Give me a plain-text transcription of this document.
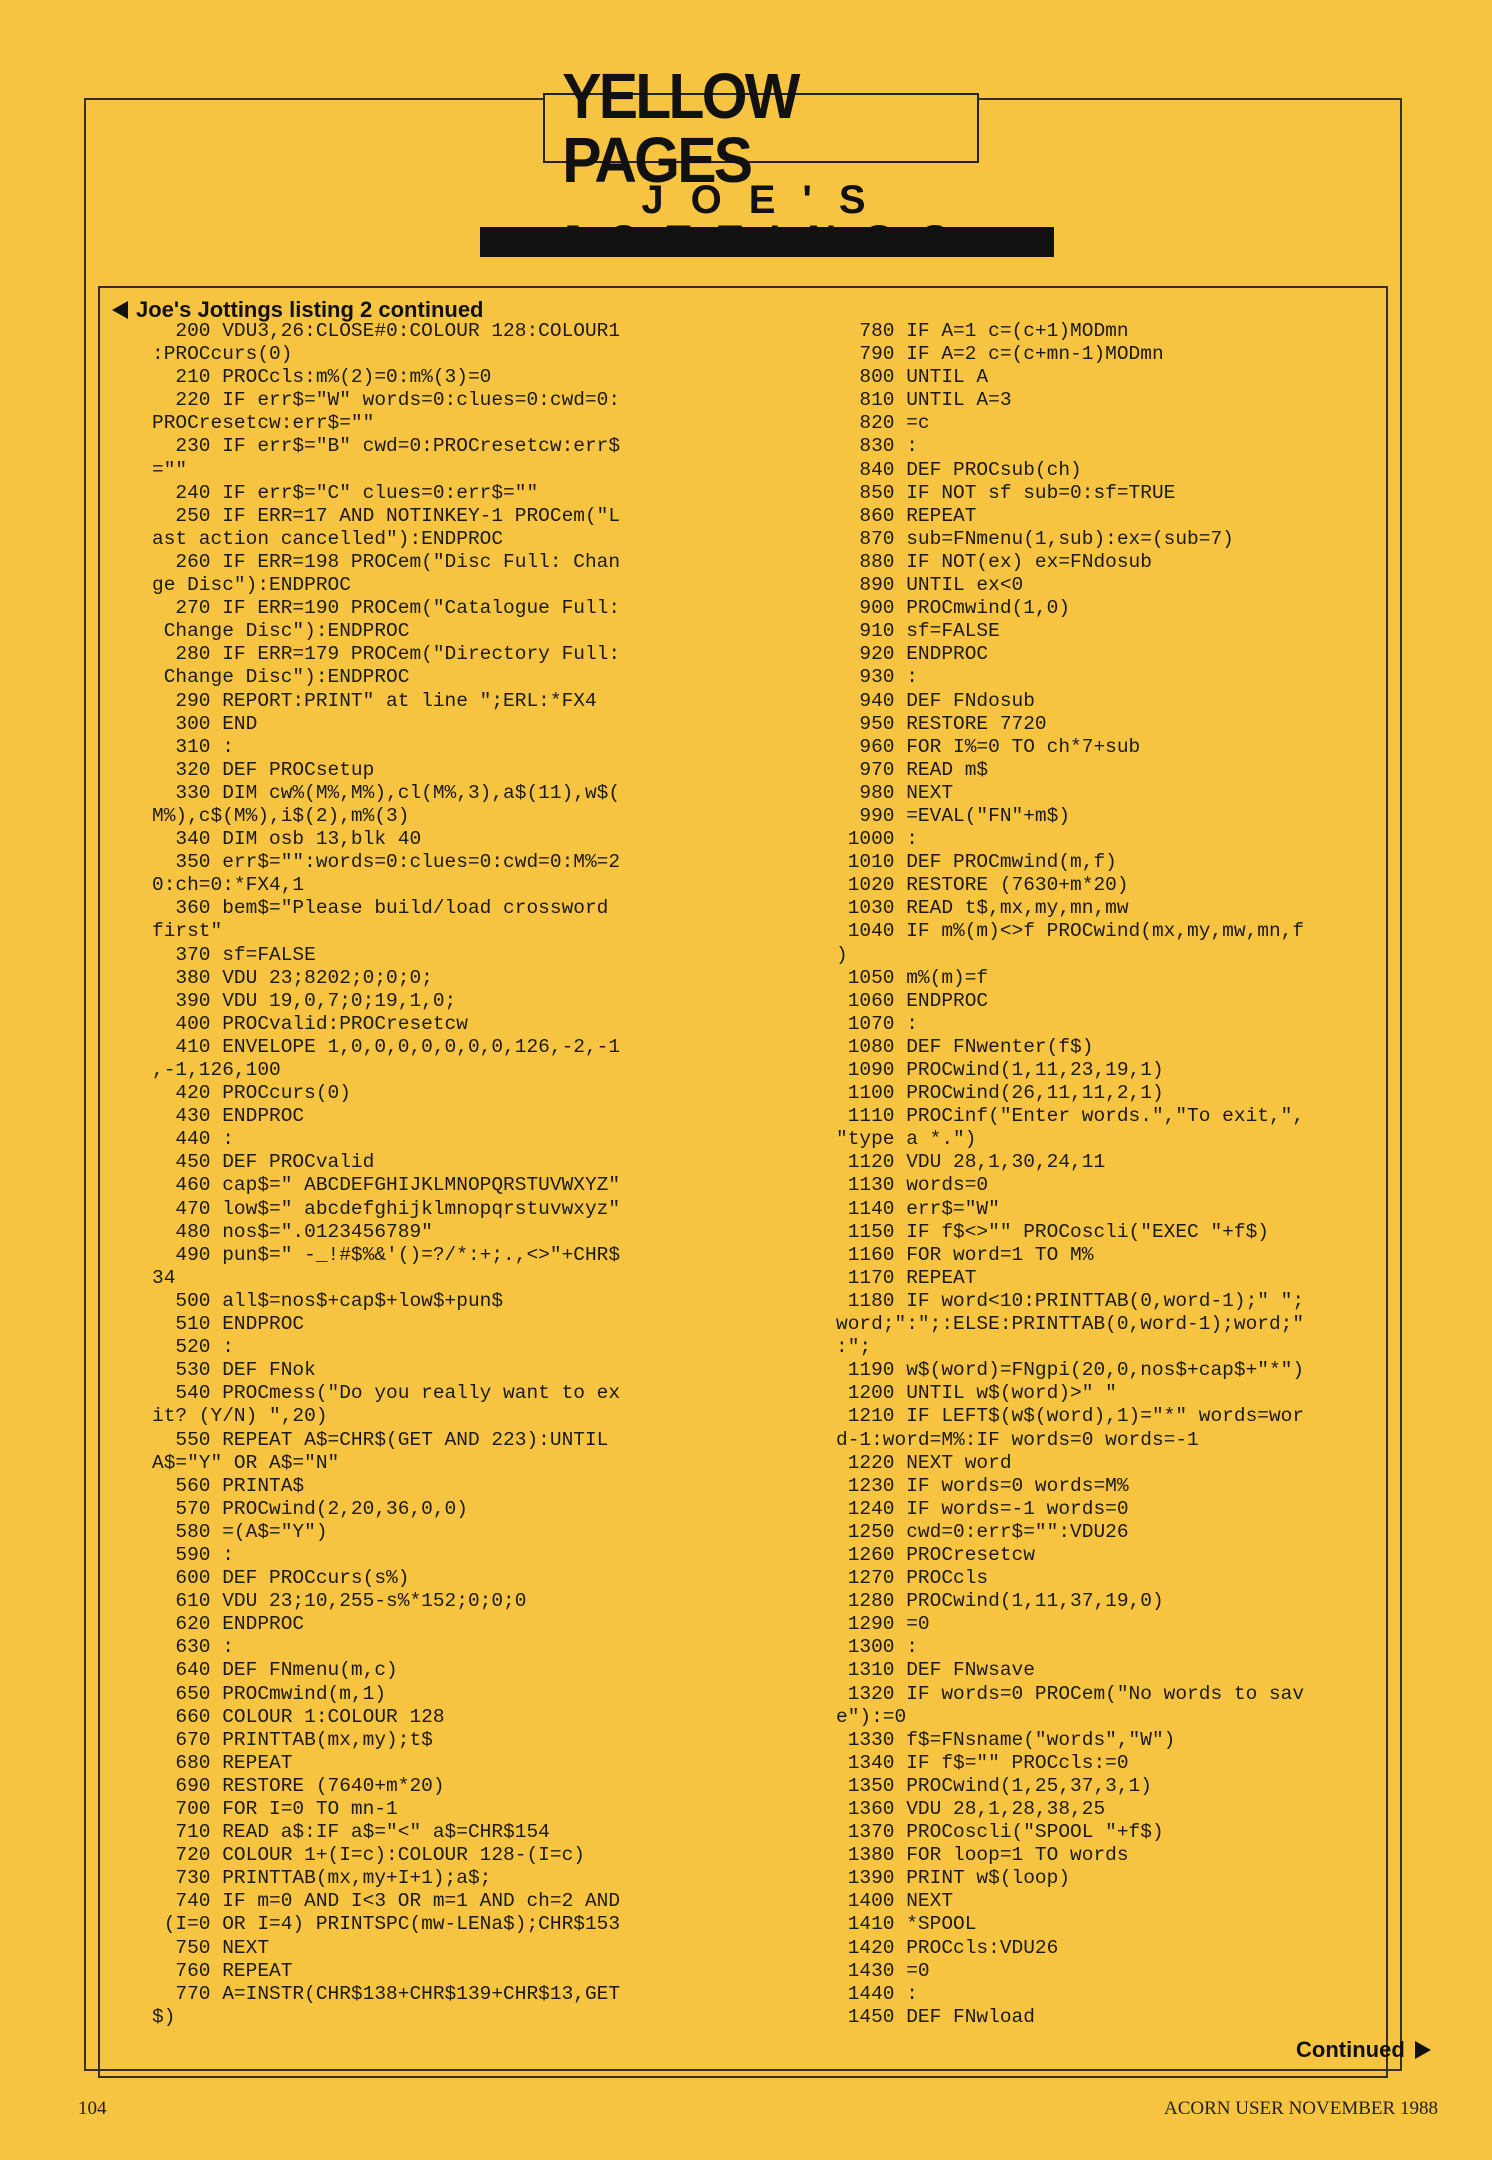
YELLOW PAGES
JOE'S
Joe's Jottings listing 2 continued
200 VDU3,26:CLOSE#0:COLOUR 128:COLOUR1
:PROCcurs(0)
210 PROCcls:m%(2)=0:m%(3)=0
220 IF err$="W" words=0:clues=0:cwd=0:
PROCresetcw:err$=""
230 IF err$="B" cwd=0:PROCresetcw:err$
=""
240 IF err$="C" clues=0:err$=""
250 IF ERR=17 AND NOTINKEY-1 PROCem("L
ast action cancelled"):ENDPROC
260 IF ERR=198 PROCem("Disc Full: Chan
ge Disc"):ENDPROC
270 IF ERR=190 PROCem("Catalogue Full:
Change Disc"):ENDPROC
280 IF ERR=179 PROCem("Directory Full:
Change Disc"):ENDPROC
290 REPORT:PRINT" at line ";ERL:*FX4
300 END
310 :
320 DEF PROCsetup
330 DIM cw%(M%,M%),cl(M%,3),a$(11),w$(
M%),c$(M%),i$(2),m%(3)
340 DIM osb 13,blk 40
350 err$="":words=0:clues=0:cwd=0:M%=2
0:ch=0:*FX4,1
360 bem$="Please build/load crossword
first"
370 sf=FALSE
380 VDU 23;8202;0;0;0;
390 VDU 19,0,7;0;19,1,0;
400 PROCvalid:PROCresetcw
410 ENVELOPE 1,0,0,0,0,0,0,0,126,-2,-1
,-1,126,100
420 PROCcurs(0)
430 ENDPROC
440 :
450 DEF PROCvalid
460 cap$=" ABCDEFGHIJKLMNOPQRSTUVWXYZ"
470 low$=" abcdefghijklmnopqrstuvwxyz"
480 nos$=".0123456789"
490 pun$=" -_!#$%&'()=?/*:+;.,<>"+CHR$
34
500 all$=nos$+cap$+low$+pun$
510 ENDPROC
520 :
530 DEF FNok
540 PROCmess("Do you really want to ex
it? (Y/N) ",20)
550 REPEAT A$=CHR$(GET AND 223):UNTIL
A$="Y" OR A$="N"
560 PRINTA$
570 PROCwind(2,20,36,0,0)
580 =(A$="Y")
590 :
600 DEF PROCcurs(s%)
610 VDU 23;10,255-s%*152;0;0;0
620 ENDPROC
630 :
640 DEF FNmenu(m,c)
650 PROCmwind(m,1)
660 COLOUR 1:COLOUR 128
670 PRINTTAB(mx,my);t$
680 REPEAT
690 RESTORE (7640+m*20)
700 FOR I=0 TO mn-1
710 READ a$:IF a$="<" a$=CHR$154
720 COLOUR 1+(I=c):COLOUR 128-(I=c)
730 PRINTTAB(mx,my+I+1);a$;
740 IF m=0 AND I<3 OR m=1 AND ch=2 AND
(I=0 OR I=4) PRINTSPC(mw-LENa$);CHR$153
750 NEXT
760 REPEAT
770 A=INSTR(CHR$138+CHR$139+CHR$13,GET
$)
780 IF A=1 c=(c+1)MODmn
790 IF A=2 c=(c+mn-1)MODmn
800 UNTIL A
810 UNTIL A=3
820 =c
830 :
840 DEF PROCsub(ch)
850 IF NOT sf sub=0:sf=TRUE
860 REPEAT
870 sub=FNmenu(1,sub):ex=(sub=7)
880 IF NOT(ex) ex=FNdosub
890 UNTIL ex<0
900 PROCmwind(1,0)
910 sf=FALSE
920 ENDPROC
930 :
940 DEF FNdosub
950 RESTORE 7720
960 FOR I%=0 TO ch*7+sub
970 READ m$
980 NEXT
990 =EVAL("FN"+m$)
1000 :
1010 DEF PROCmwind(m,f)
1020 RESTORE (7630+m*20)
1030 READ t$,mx,my,mn,mw
1040 IF m%(m)<>f PROCwind(mx,my,mw,mn,f
)
1050 m%(m)=f
1060 ENDPROC
1070 :
1080 DEF FNwenter(f$)
1090 PROCwind(1,11,23,19,1)
1100 PROCwind(26,11,11,2,1)
1110 PROCinf("Enter words.","To exit,",
"type a *.")
1120 VDU 28,1,30,24,11
1130 words=0
1140 err$="W"
1150 IF f$<>"" PROCoscli("EXEC "+f$)
1160 FOR word=1 TO M%
1170 REPEAT
1180 IF word<10:PRINTTAB(0,word-1);" ";
word;":";:ELSE:PRINTTAB(0,word-1);word;"
:";
1190 w$(word)=FNgpi(20,0,nos$+cap$+"*")
1200 UNTIL w$(word)>" "
1210 IF LEFT$(w$(word),1)="*" words=wor
d-1:word=M%:IF words=0 words=-1
1220 NEXT word
1230 IF words=0 words=M%
1240 IF words=-1 words=0
1250 cwd=0:err$="":VDU26
1260 PROCresetcw
1270 PROCcls
1280 PROCwind(1,11,37,19,0)
1290 =0
1300 :
1310 DEF FNwsave
1320 IF words=0 PROCem("No words to sav
e"):=0
1330 f$=FNsname("words","W")
1340 IF f$="" PROCcls:=0
1350 PROCwind(1,25,37,3,1)
1360 VDU 28,1,28,38,25
1370 PROCoscli("SPOOL "+f$)
1380 FOR loop=1 TO words
1390 PRINT w$(loop)
1400 NEXT
1410 *SPOOL
1420 PROCcls:VDU26
1430 =0
1440 :
1450 DEF FNwload
Continued
104	ACORN USER NOVEMBER 1988
